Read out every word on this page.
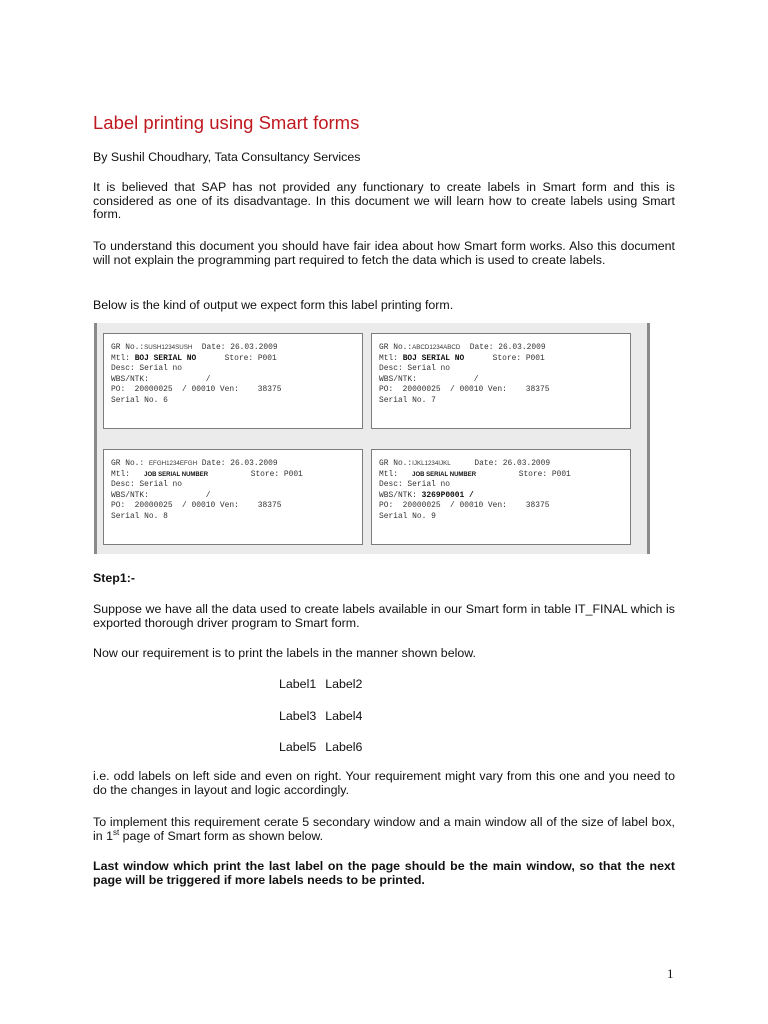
Label printing using Smart forms

By Sushil Choudhary, Tata Consultancy Services

It is believed that SAP has not provided any functionary to create labels in Smart form and this is considered as one of its disadvantage. In this document we will learn how to create labels using Smart form.

To understand this document you should have fair idea about how Smart form works. Also this document will not explain the programming part required to fetch the data which is used to create labels.

Below is the kind of output we expect form this label printing form.

GR No.:SUSH1234SUSH Date: 26.03.2009
Mtl: BOJ SERIAL NO	Store: P001
Desc: Serial no
WBS/NTK:	/
PO:  20000025  / 00010 Ven:    38375
Serial No. 6
GR No.:ABCD1234ABCD Date: 26.03.2009
Mtl: BOJ SERIAL NO	Store: P001
Desc: Serial no
WBS/NTK:	/
PO:  20000025  / 00010 Ven:    38375
Serial No. 7
GR No.: EFGH1234EFGH Date: 26.03.2009
Mtl:   JOB SERIAL NUMBER	Store: P001
Desc: Serial no
WBS/NTK:	/
PO:  20000025  / 00010 Ven:    38375
Serial No. 8
GR No.:IJKL1234IJKL	Date: 26.03.2009
Mtl:   JOB SERIAL NUMBER	Store: P001
Desc: Serial no
WBS/NTK: 3269P0001 /
PO:  20000025  / 00010 Ven:    38375
Serial No. 9

Step1:-

Suppose we have all the data used to create labels available in our Smart form in table IT_FINAL which is exported thorough driver program to Smart form.

Now our requirement is to print the labels in the manner shown below.

Label1 Label2
Label3 Label4
Label5 Label6

i.e. odd labels on left side and even on right. Your requirement might vary from this one and you need to do the changes in layout and logic accordingly.

To implement this requirement cerate 5 secondary window and a main window all of the size of label box, in 1st page of Smart form as shown below.

Last window which print the last label on the page should be the main window, so that the next page will be triggered if more labels needs to be printed.

1
